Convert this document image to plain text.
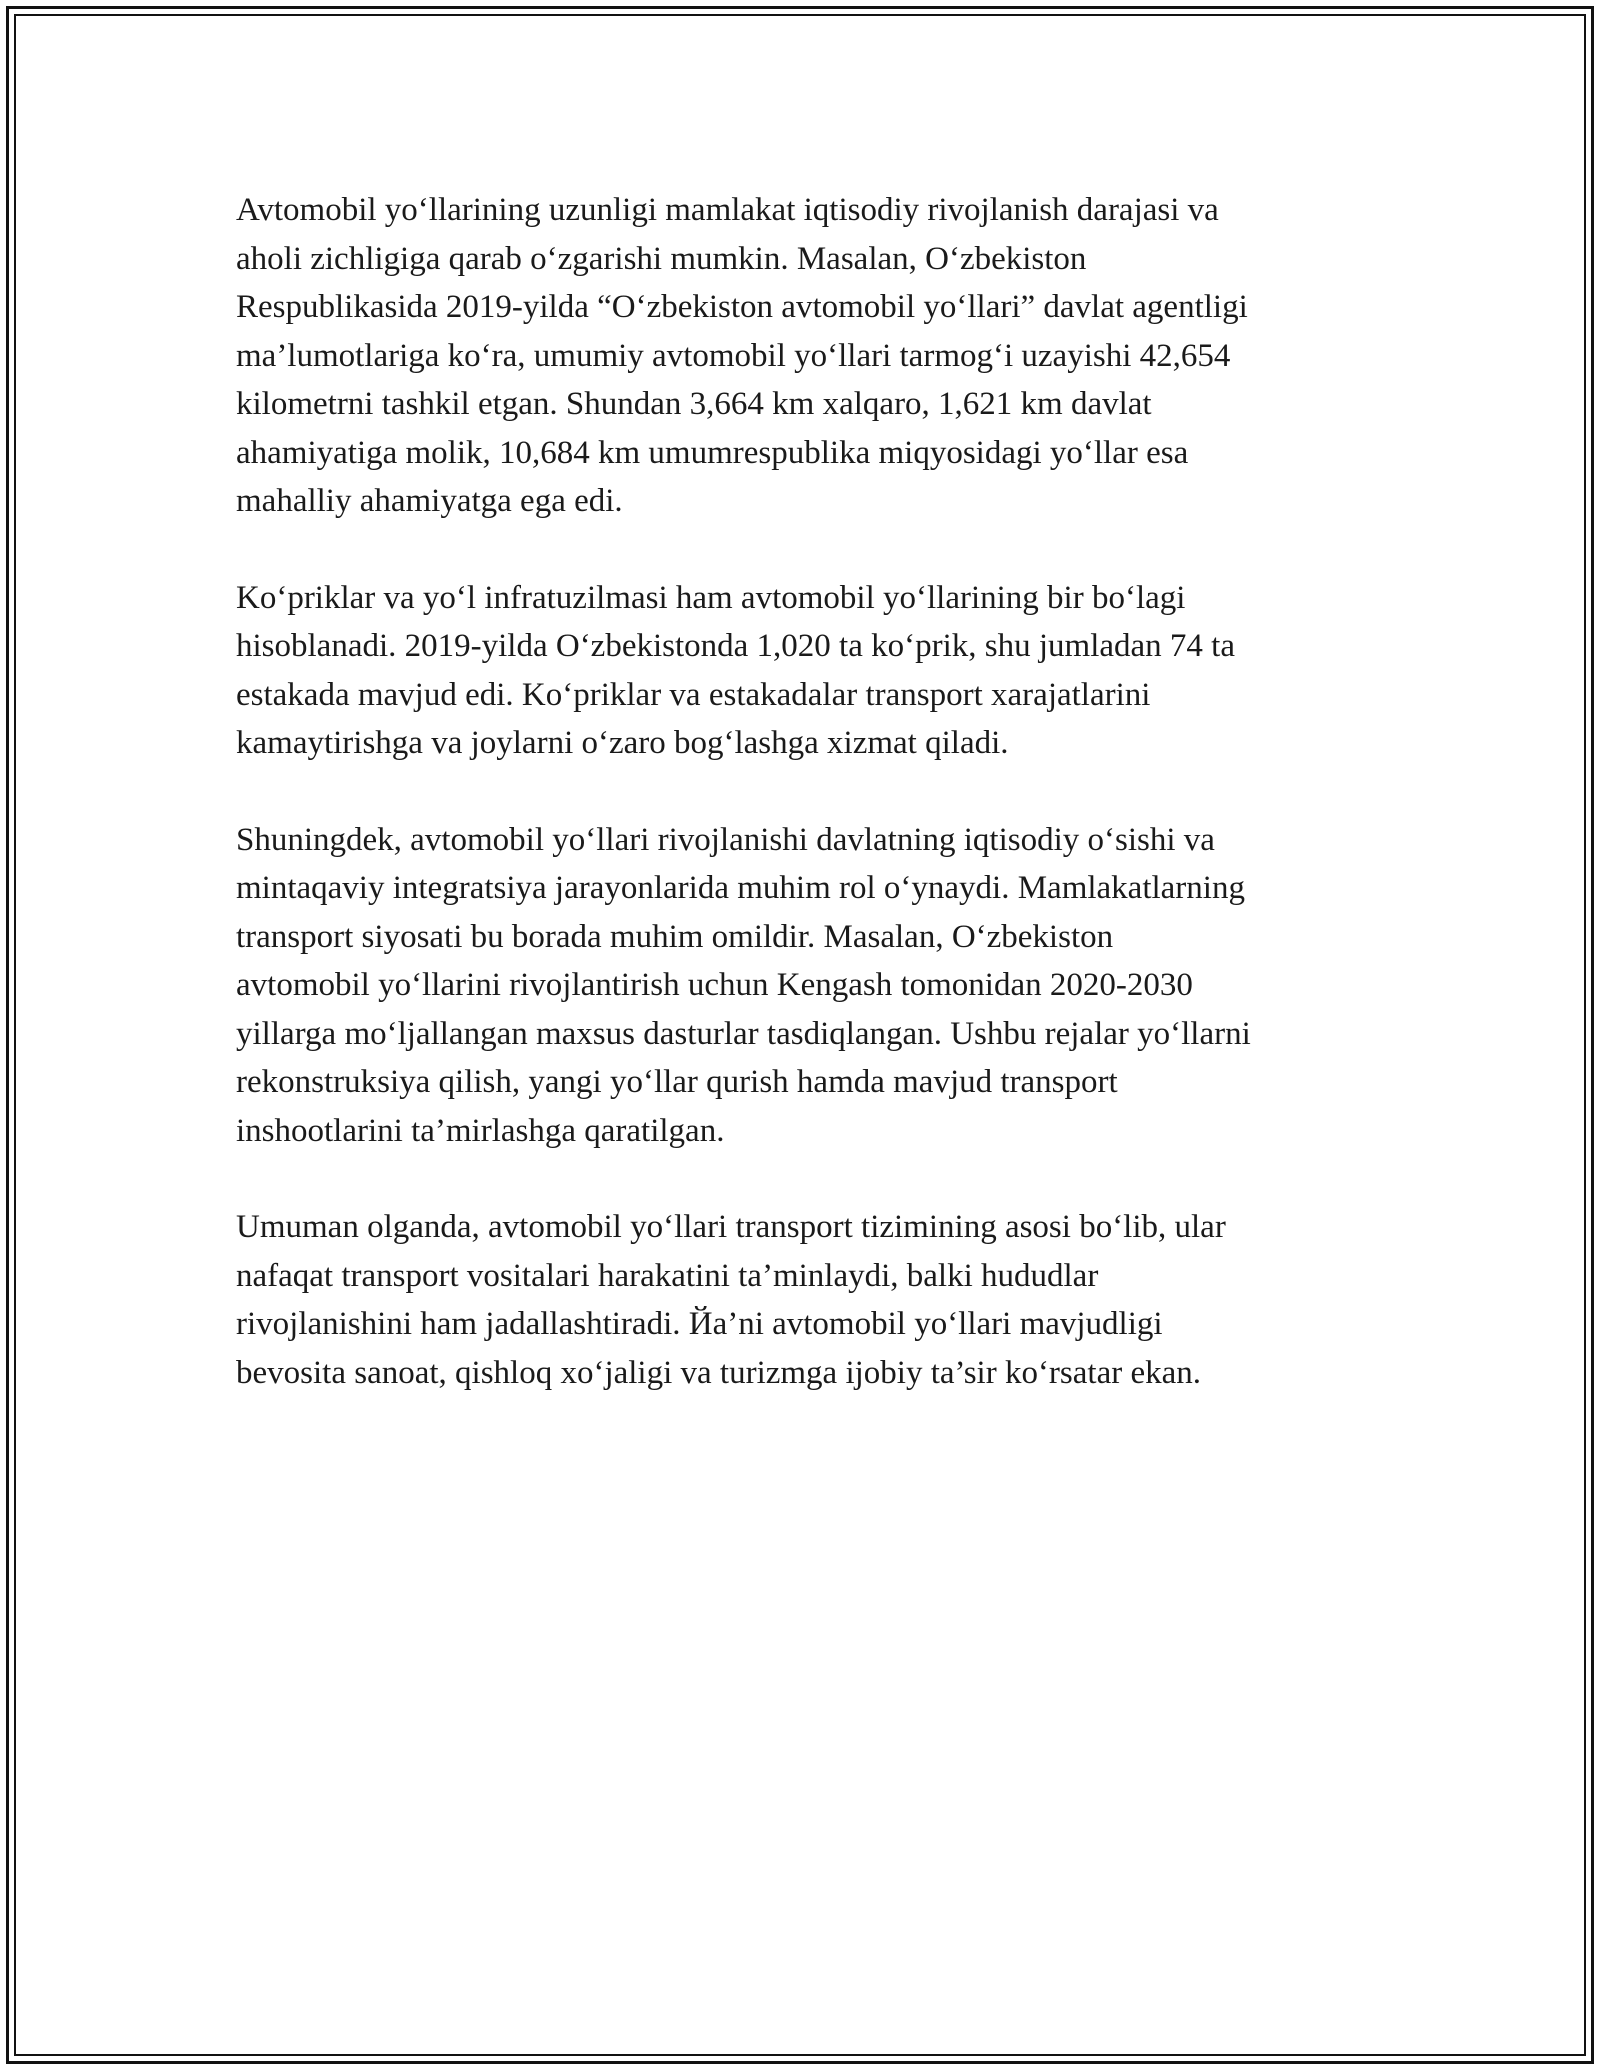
Avtomobil yo‘llarining uzunligi mamlakat iqtisodiy rivojlanish darajasi va
aholi zichligiga qarab o‘zgarishi mumkin. Masalan, O‘zbekiston
Respublikasida 2019-yilda “O‘zbekiston avtomobil yo‘llari” davlat agentligi
ma’lumotlariga ko‘ra, umumiy avtomobil yo‘llari tarmog‘i uzayishi 42,654
kilometrni tashkil etgan. Shundan 3,664 km xalqaro, 1,621 km davlat
ahamiyatiga molik, 10,684 km umumrespublika miqyosidagi yo‘llar esa
mahalliy ahamiyatga ega edi.

Ko‘priklar va yo‘l infratuzilmasi ham avtomobil yo‘llarining bir bo‘lagi
hisoblanadi. 2019-yilda O‘zbekistonda 1,020 ta ko‘prik, shu jumladan 74 ta
estakada mavjud edi. Ko‘priklar va estakadalar transport xarajatlarini
kamaytirishga va joylarni o‘zaro bog‘lashga xizmat qiladi.

Shuningdek, avtomobil yo‘llari rivojlanishi davlatning iqtisodiy o‘sishi va
mintaqaviy integratsiya jarayonlarida muhim rol o‘ynaydi. Mamlakatlarning
transport siyosati bu borada muhim omildir. Masalan, O‘zbekiston
avtomobil yo‘llarini rivojlantirish uchun Kengash tomonidan 2020-2030
yillarga mo‘ljallangan maxsus dasturlar tasdiqlangan. Ushbu rejalar yo‘llarni
rekonstruksiya qilish, yangi yo‘llar qurish hamda mavjud transport
inshootlarini ta’mirlashga qaratilgan.

Umuman olganda, avtomobil yo‘llari transport tizimining asosi bo‘lib, ular
nafaqat transport vositalari harakatini ta’minlaydi, balki hududlar
rivojlanishini ham jadallashtiradi. Йa’ni avtomobil yo‘llari mavjudligi
bevosita sanoat, qishloq xo‘jaligi va turizmga ijobiy ta’sir ko‘rsatar ekan.
